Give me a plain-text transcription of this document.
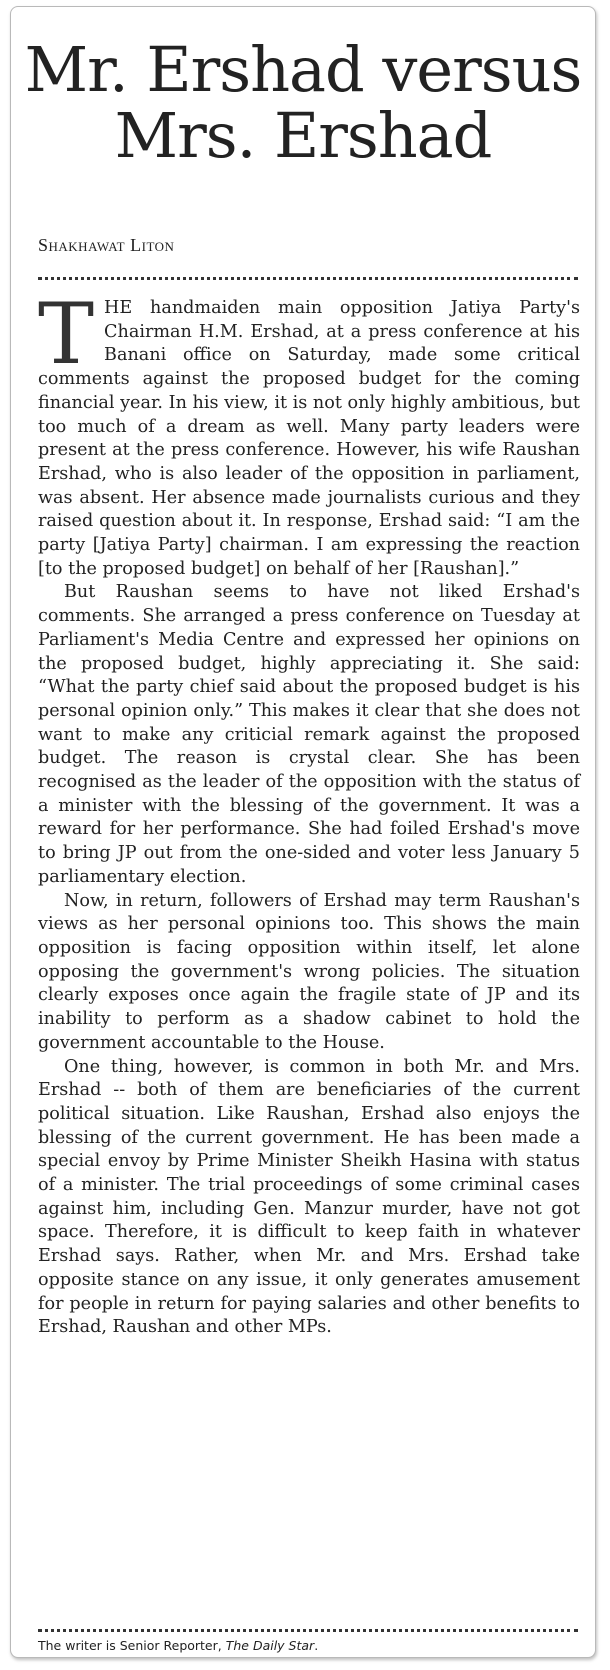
Mr. Ershad versus
Mrs. Ershad
Shakhawat Liton

THE handmaiden main opposition Jatiya Party's Chairman H.M. Ershad, at a press conference at his Banani office on Saturday, made some critical comments against the proposed budget for the coming financial year. In his view, it is not only highly ambitious, but too much of a dream as well. Many party leaders were present at the press conference. However, his wife Raushan Ershad, who is also leader of the opposition in parliament, was absent. Her absence made journalists curious and they raised question about it. In response, Ershad said: “I am the party [Jatiya Party] chairman. I am expressing the reaction [to the proposed budget] on behalf of her [Raushan].”

But Raushan seems to have not liked Ershad's comments. She arranged a press conference on Tuesday at Parliament's Media Centre and expressed her opinions on the proposed budget, highly appreciating it. She said: “What the party chief said about the proposed budget is his personal opinion only.” This makes it clear that she does not want to make any criticial remark against the proposed budget. The reason is crystal clear. She has been recognised as the leader of the opposition with the status of a minister with the blessing of the government. It was a reward for her performance. She had foiled Ershad's move to bring JP out from the one-sided and voter less January 5 parliamentary election.

Now, in return, followers of Ershad may term Raushan's views as her personal opinions too. This shows the main opposition is facing opposition within itself, let alone opposing the government's wrong policies. The situation clearly exposes once again the fragile state of JP and its inability to perform as a shadow cabinet to hold the government accountable to the House.

One thing, however, is common in both Mr. and Mrs. Ershad -- both of them are beneficiaries of the current political situation. Like Raushan, Ershad also enjoys the blessing of the current government. He has been made a special envoy by Prime Minister Sheikh Hasina with status of a minister. The trial proceedings of some criminal cases against him, including Gen. Manzur murder, have not got space. Therefore, it is difficult to keep faith in whatever Ershad says. Rather, when Mr. and Mrs. Ershad take opposite stance on any issue, it only generates amusement for people in return for paying salaries and other benefits to Ershad, Raushan and other MPs.

The writer is Senior Reporter, The Daily Star.
